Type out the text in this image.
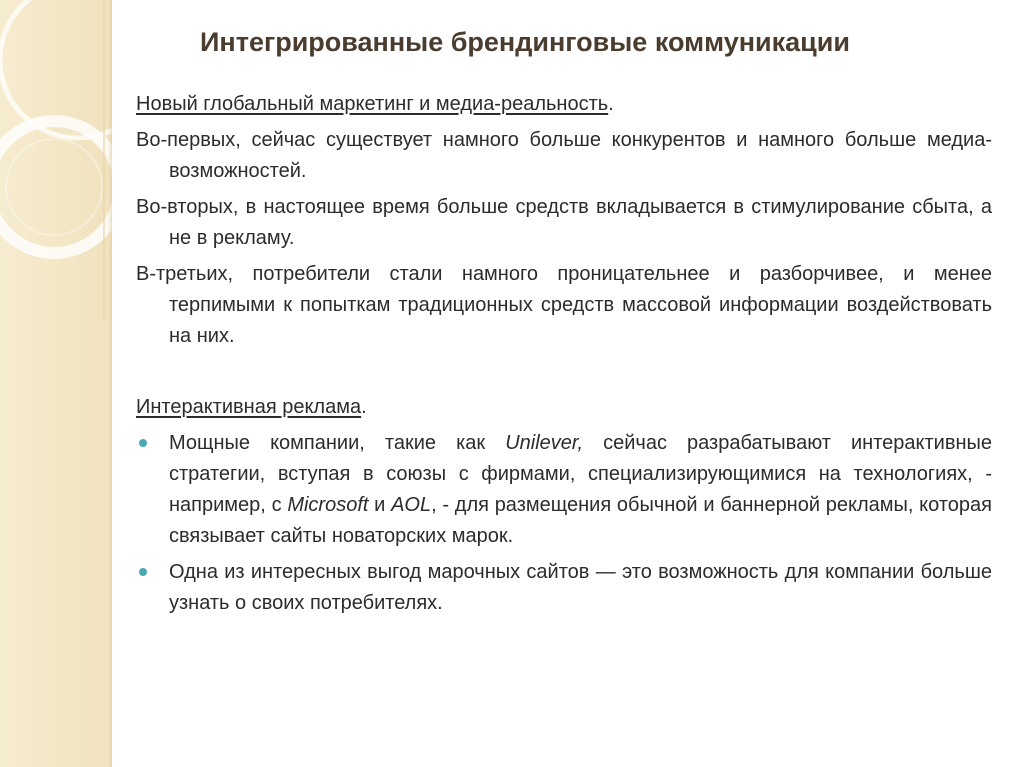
Интегрированные брендинговые коммуникации
Новый глобальный маркетинг и медиа-реальность.

Во-первых, сейчас существует намного больше конкурентов и намного больше медиа-возможностей.

Во-вторых, в настоящее время больше средств вкладывается в стимулирование сбыта, а не в рекламу.

В-третьих, потребители стали намного проницательнее и разборчивее, и менее терпимыми к попыткам традиционных средств массовой информации воздействовать на них.

Интерактивная реклама.
Мощные компании, такие как Unilever, сейчас разрабатывают интерактивные стратегии, вступая в союзы с фирмами, специализирующимися на технологиях, - например, с Microsoft и AOL, - для размещения обычной и баннерной рекламы, которая связывает сайты новаторских марок.
Одна из интересных выгод марочных сайтов — это возможность для компании больше узнать о своих потребителях.
